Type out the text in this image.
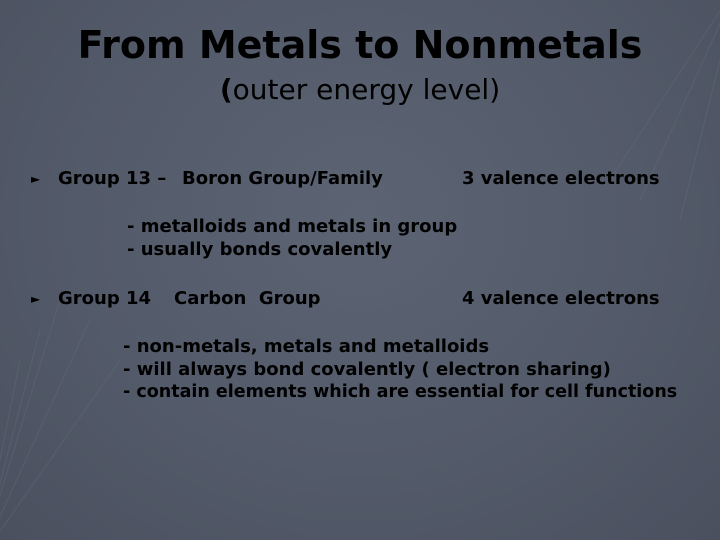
From Metals to Nonmetals
(outer energy level)
► Group 13 – Boron Group/Family	3 valence electrons
- metalloids and metals in group
- usually bonds covalently
► Group 14 Carbon  Group	4 valence electrons
- non-metals, metals and metalloids
- will always bond covalently ( electron sharing)
- contain elements which are essential for cell functions
